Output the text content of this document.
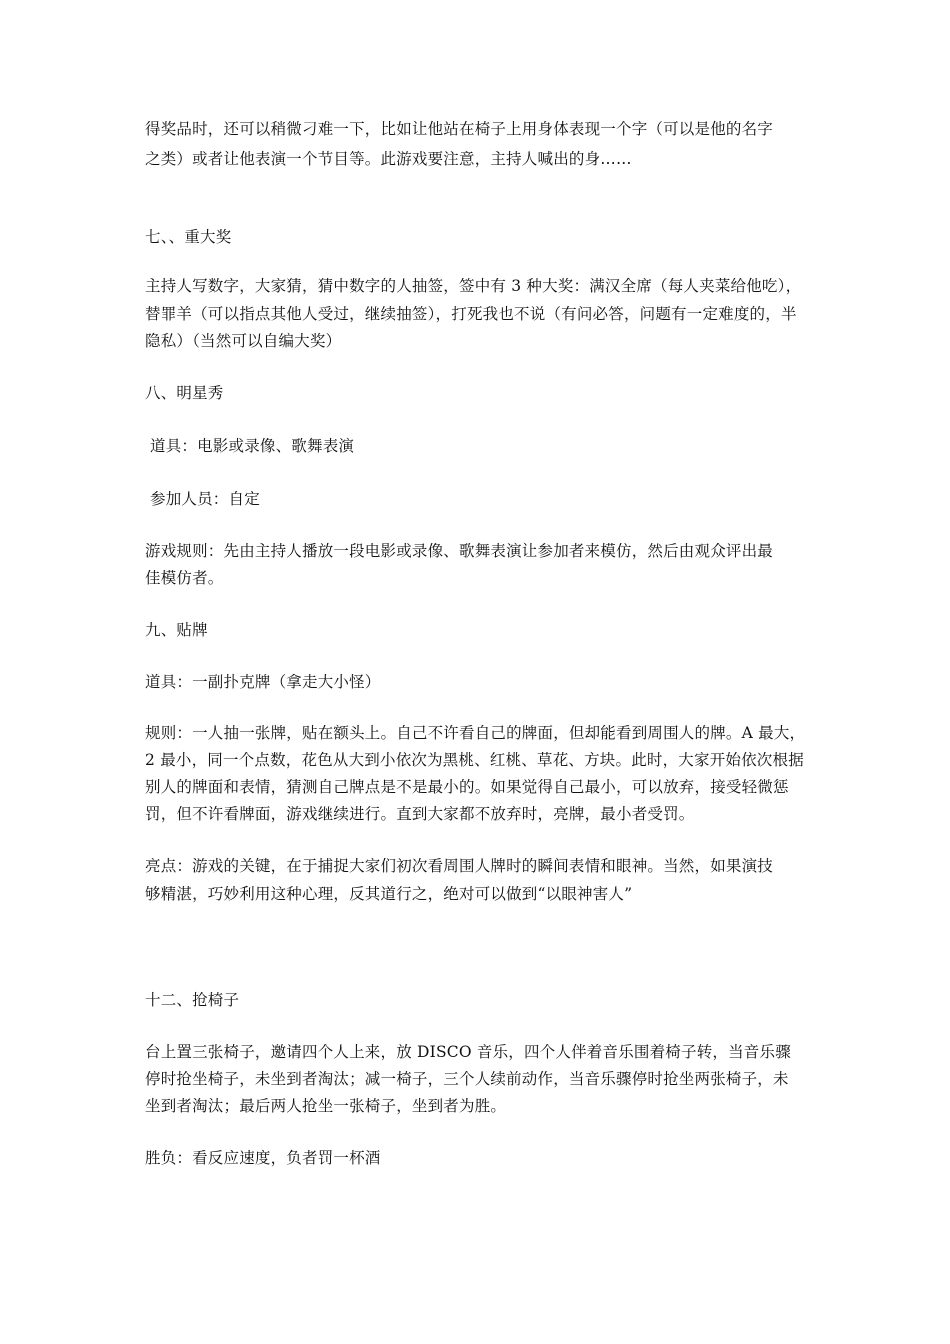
得奖品时，还可以稍微刁难一下，比如让他站在椅子上用身体表现一个字（可以是他的名字
之类）或者让他表演一个节目等。此游戏要注意，主持人喊出的身……
七、、重大奖
主持人写数字，大家猜，猜中数字的人抽签，签中有 3 种大奖：满汉全席（每人夹菜给他吃），
替罪羊（可以指点其他人受过，继续抽签），打死我也不说（有问必答，问题有一定难度的，半
隐私）（当然可以自编大奖）
八、明星秀
道具：电影或录像、歌舞表演
参加人员：自定
游戏规则：先由主持人播放一段电影或录像、歌舞表演让参加者来模仿，然后由观众评出最
佳模仿者。
九、贴牌
道具：一副扑克牌（拿走大小怪）
规则：一人抽一张牌，贴在额头上。自己不许看自己的牌面，但却能看到周围人的牌。A 最大，
2 最小，同一个点数，花色从大到小依次为黑桃、红桃、草花、方块。此时，大家开始依次根据
别人的牌面和表情，猜测自己牌点是不是最小的。如果觉得自己最小，可以放弃，接受轻微惩
罚，但不许看牌面，游戏继续进行。直到大家都不放弃时，亮牌，最小者受罚。
亮点：游戏的关键，在于捕捉大家们初次看周围人牌时的瞬间表情和眼神。当然，如果演技
够精湛，巧妙利用这种心理，反其道行之，绝对可以做到“以眼神害人”
十二、抢椅子
台上置三张椅子，邀请四个人上来，放 DISCO 音乐，四个人伴着音乐围着椅子转，当音乐骤
停时抢坐椅子，未坐到者淘汰；减一椅子，三个人续前动作，当音乐骤停时抢坐两张椅子，未
坐到者淘汰；最后两人抢坐一张椅子，坐到者为胜。
胜负：看反应速度，负者罚一杯酒
